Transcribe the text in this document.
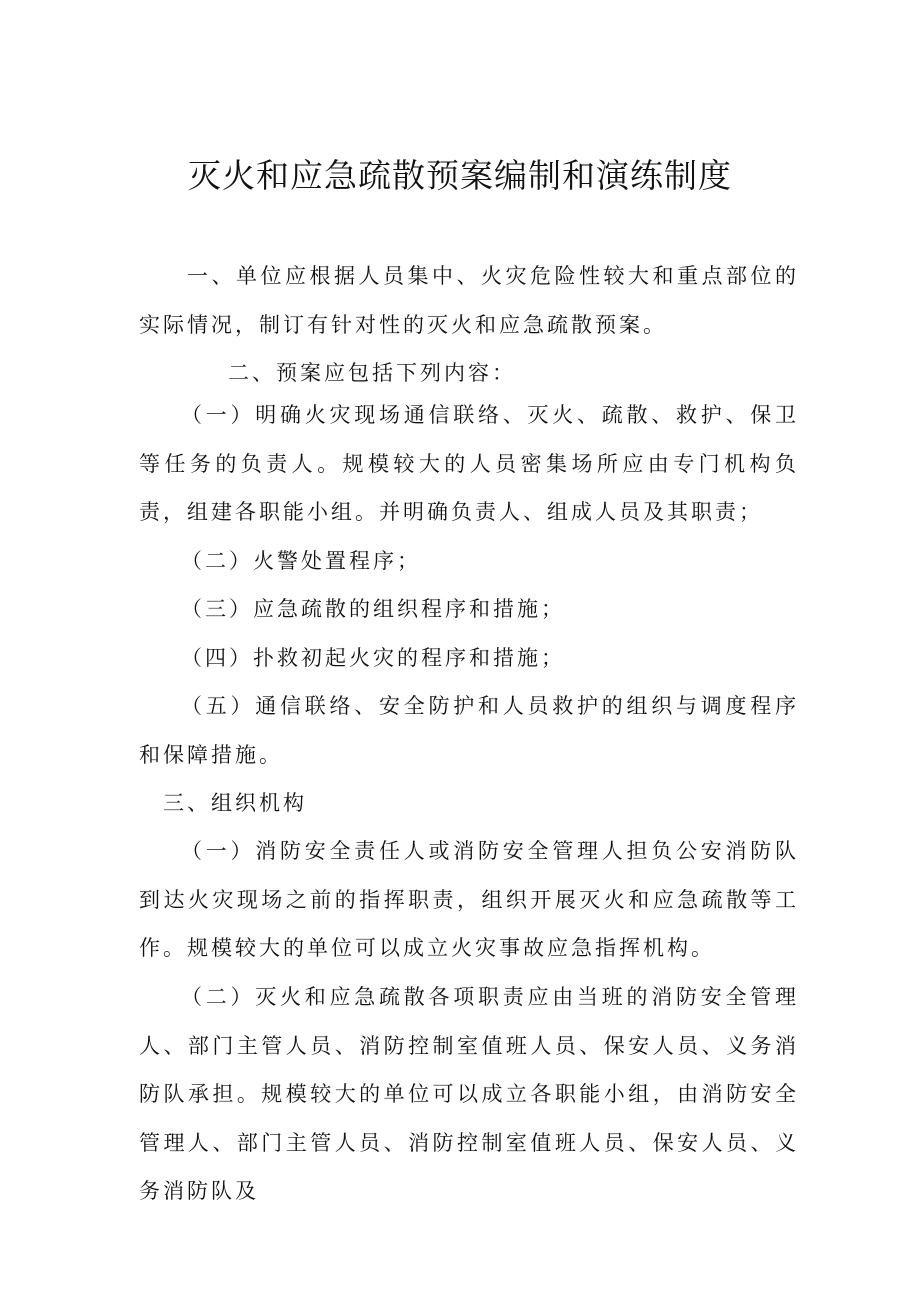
灭火和应急疏散预案编制和演练制度

一、单位应根据人员集中、火灾危险性较大和重点部位的实际情况，制订有针对性的灭火和应急疏散预案。

二、预案应包括下列内容：

（一）明确火灾现场通信联络、灭火、疏散、救护、保卫等任务的负责人。规模较大的人员密集场所应由专门机构负责，组建各职能小组。并明确负责人、组成人员及其职责；

（二）火警处置程序；

（三）应急疏散的组织程序和措施；

（四）扑救初起火灾的程序和措施；

（五）通信联络、安全防护和人员救护的组织与调度程序和保障措施。

三、组织机构

（一）消防安全责任人或消防安全管理人担负公安消防队到达火灾现场之前的指挥职责，组织开展灭火和应急疏散等工作。规模较大的单位可以成立火灾事故应急指挥机构。

（二）灭火和应急疏散各项职责应由当班的消防安全管理人、部门主管人员、消防控制室值班人员、保安人员、义务消防队承担。规模较大的单位可以成立各职能小组，由消防安全管理人、部门主管人员、消防控制室值班人员、保安人员、义务消防队及
